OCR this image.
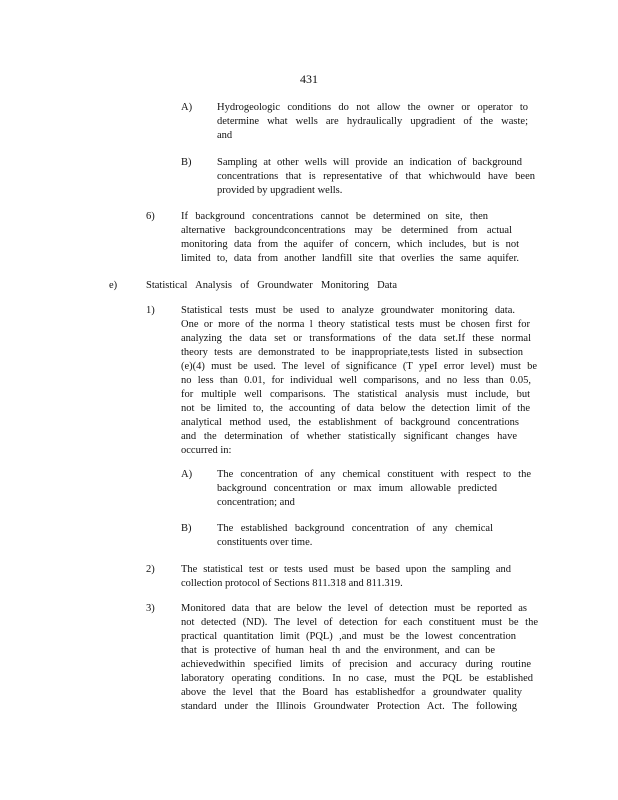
431
A) Hydrogeologic conditions do not allow the owner or operator to

determine what wells are hydraulically upgradient of the waste;

and

B) Sampling at other wells will provide an indication of background

concentrations that is representative of that whichwould have been

provided by upgradient wells.

6)	If background concentrations cannot be determined on site, then

alternative backgroundconcentrations may be determined from actual

monitoring data from the aquifer of concern, which includes, but is not

limited to, data from another landfill site that overlies the same aquifer.

e)	Statistical Analysis of Groundwater Monitoring Data

1)	Statistical tests must be used to analyze groundwater monitoring data.

One or more of the norma l theory statistical tests must be chosen first for

analyzing the data set or transformations of the data set.If these normal

theory tests are demonstrated to be inappropriate,tests listed in subsection

(e)(4) must be used. The level of significance (T ypeI error level) must be

no less than 0.01, for individual well comparisons, and no less than 0.05,

for multiple well comparisons. The statistical analysis must include, but

not be limited to, the accounting of data below the detection limit of the

analytical method used, the establishment of background concentrations

and the determination of whether statistically significant changes have

occurred in:

A) The concentration of any chemical constituent with respect to the

background concentration or max imum allowable predicted

concentration; and

B) The established background concentration of any chemical

constituents over time.

2)	The statistical test or tests used must be based upon the sampling and

collection protocol of Sections 811.318 and 811.319.

3)	Monitored data that are below the level of detection must be reported as

not detected (ND). The level of detection for each constituent must be the

practical quantitation limit (PQL) ,and must be the lowest concentration

that is protective of human heal th and the environment, and can be

achievedwithin specified limits of precision and accuracy during routine

laboratory operating conditions. In no case, must the PQL be established

above the level that the Board has establishedfor a groundwater quality

standard under the Illinois Groundwater Protection Act. The following
